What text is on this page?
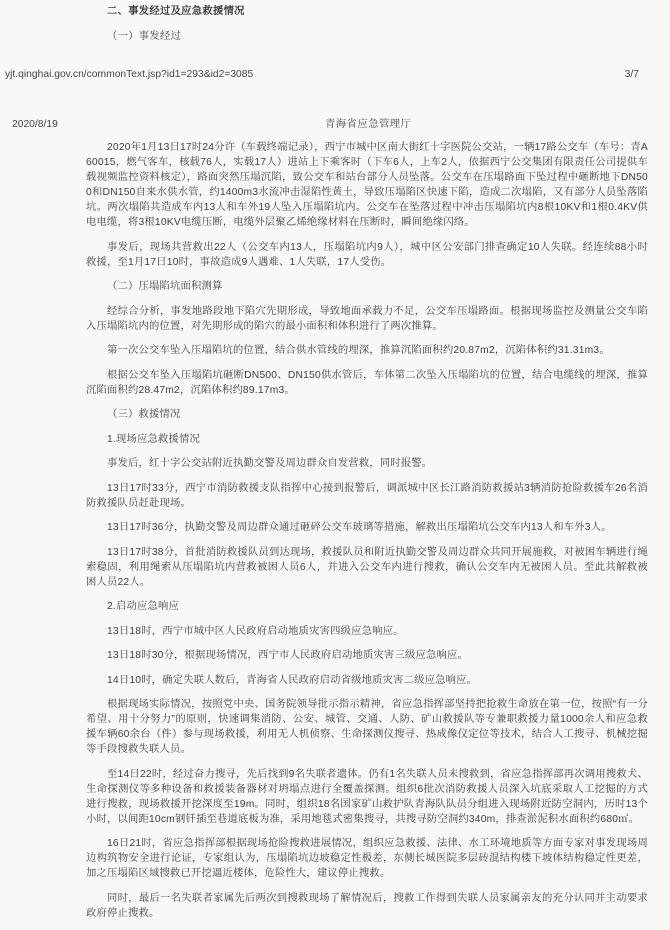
二、事发经过及应急救援情况

（一）事发经过

yjt.qinghai.gov.cn/commonText.jsp?id1=293&id2=3085	3/7
2020/8/19	青海省应急管理厅

2020年1月13日17时24分许（车载终端记录），西宁市城中区南大街红十字医院公交站，一辆17路公交车（车号：青A60015，燃气客车，核载76人，实载17人）进站上下乘客时（下车6人，上车2人，依据西宁公交集团有限责任公司提供车载视频监控资料核定），路面突然压塌沉陷，致公交车和站台部分人员坠落。公交车在压塌路面下坠过程中砸断地下DN500和DN150自来水供水管，约1400m3水流冲击湿陷性黄土，导致压塌陷区快速下陷，造成二次塌陷，又有部分人员坠落陷坑。两次塌陷共造成车内13人和车外19人坠入压塌陷坑内。公交车在坠落过程中冲击压塌陷坑内8根10KV和1根0.4KV供电电缆，将3根10KV电缆压断，电缆外层聚乙烯绝缘材料在压断时，瞬间绝缘闪络。

事发后，现场共营救出22人（公交车内13人，压塌陷坑内9人），城中区公安部门排查确定10人失联。经连续88小时救援，至1月17日10时，事故造成9人遇难、1人失联，17人受伤。

（二）压塌陷坑面积测算

经综合分析，事发地路段地下陷穴先期形成，导致地面承载力不足，公交车压塌路面。根据现场监控及测量公交车陷入压塌陷坑内的位置，对先期形成的陷穴的最小面积和体积进行了两次推算。

第一次公交车坠入压塌陷坑的位置，结合供水管线的埋深，推算沉陷面积约20.87m2，沉陷体积约31.31m3。

根据公交车坠入压塌陷坑砸断DN500、DN150供水管后，车体第二次坠入压塌陷坑的位置，结合电缆线的埋深，推算沉陷面积约28.47m2，沉陷体积约89.17m3。

（三）救援情况

1.现场应急救援情况

事发后，红十字公交站附近执勤交警及周边群众自发营救，同时报警。

13日17时33分，西宁市消防救援支队指挥中心接到报警后，调派城中区长江路消防救援站3辆消防抢险救援车26名消防救援队员赶赴现场。

13日17时36分，执勤交警及周边群众通过砸碎公交车玻璃等措施，解救出压塌陷坑公交车内13人和车外3人。

13日17时38分，首批消防救援队员到达现场，救援队员和附近执勤交警及周边群众共同开展施救，对被困车辆进行绳索稳固，利用绳索从压塌陷坑内营救被困人员6人，并进入公交车内进行搜救，确认公交车内无被困人员。至此共解救被困人员22人。

2.启动应急响应

13日18时，西宁市城中区人民政府启动地质灾害四级应急响应。

13日18时30分，根据现场情况，西宁市人民政府启动地质灾害三级应急响应。

14日10时，确定失联人数后，青海省人民政府启动省级地质灾害二级应急响应。

根据现场实际情况，按照党中央、国务院领导批示指示精神，省应急指挥部坚持把抢救生命放在第一位，按照“有一分希望、用十分努力”的原则，快速调集消防、公安、城管、交通、人防、矿山救援队等专兼职救援力量1000余人和应急救援车辆60余台（件）参与现场救援，利用无人机侦察、生命探测仪搜寻、热成像仪定位等技术，结合人工搜寻、机械挖掘等手段搜救失联人员。

至14日22时，经过奋力搜寻，先后找到9名失联者遗体。仍有1名失联人员未搜救到，省应急指挥部再次调用搜救犬、生命探测仪等多种设备和救援装备器材对坍塌点进行全覆盖探测。组织6批次消防救援人员深入坑底采取人工挖掘的方式进行搜救，现场救援开挖深度至19m。同时，组织18名国家矿山救护队青海队队员分组进入现场附近防空洞内，历时13个小时，以间距10cm钢钎插至巷道底板为准，采用地毯式密集搜寻，共搜寻防空洞约340m，排查淤泥积水面积约680㎡。

16日21时，省应急指挥部根据现场抢险搜救进展情况，组织应急救援、法律、水工环境地质等方面专家对事发现场周边构筑物安全进行论证，专家组认为，压塌陷坑边坡稳定性极差，东侧长城医院多层砖混结构楼下坡体结构稳定性更差，加之压塌陷区域搜救已开挖逼近楼体，危险性大，建议停止搜救。

同时，最后一名失联者家属先后两次到搜救现场了解情况后，搜救工作得到失联人员家属亲友的充分认同并主动要求政府停止搜救。
